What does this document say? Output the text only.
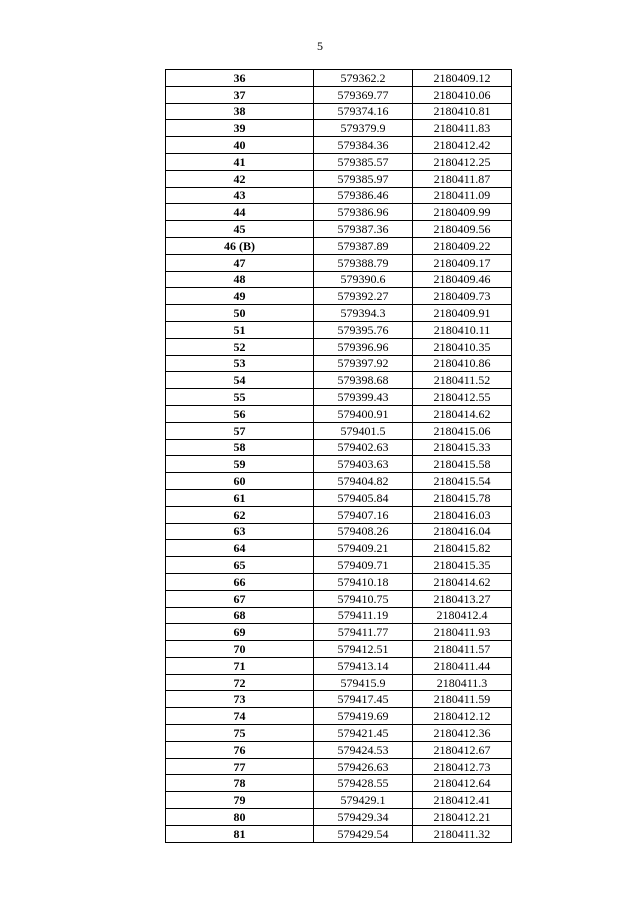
5
36	579362.2	2180409.12
37	579369.77	2180410.06
38	579374.16	2180410.81
39	579379.9	2180411.83
40	579384.36	2180412.42
41	579385.57	2180412.25
42	579385.97	2180411.87
43	579386.46	2180411.09
44	579386.96	2180409.99
45	579387.36	2180409.56
46 (B)	579387.89	2180409.22
47	579388.79	2180409.17
48	579390.6	2180409.46
49	579392.27	2180409.73
50	579394.3	2180409.91
51	579395.76	2180410.11
52	579396.96	2180410.35
53	579397.92	2180410.86
54	579398.68	2180411.52
55	579399.43	2180412.55
56	579400.91	2180414.62
57	579401.5	2180415.06
58	579402.63	2180415.33
59	579403.63	2180415.58
60	579404.82	2180415.54
61	579405.84	2180415.78
62	579407.16	2180416.03
63	579408.26	2180416.04
64	579409.21	2180415.82
65	579409.71	2180415.35
66	579410.18	2180414.62
67	579410.75	2180413.27
68	579411.19	2180412.4
69	579411.77	2180411.93
70	579412.51	2180411.57
71	579413.14	2180411.44
72	579415.9	2180411.3
73	579417.45	2180411.59
74	579419.69	2180412.12
75	579421.45	2180412.36
76	579424.53	2180412.67
77	579426.63	2180412.73
78	579428.55	2180412.64
79	579429.1	2180412.41
80	579429.34	2180412.21
81	579429.54	2180411.32
